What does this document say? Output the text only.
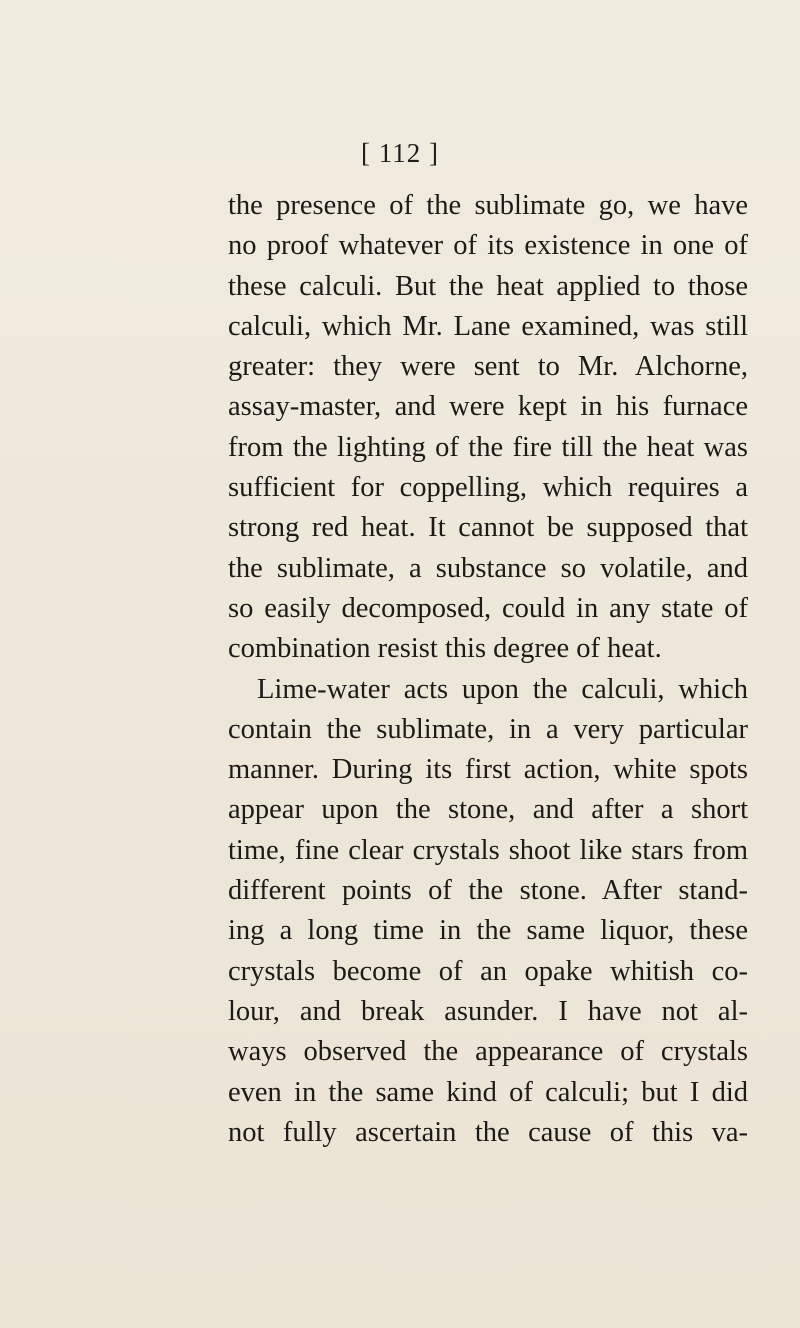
[ 112 ]
the presence of the sublimate go, we have
no proof whatever of its existence in one of
these calculi. But the heat applied to those
calculi, which Mr. Lane examined, was still
greater: they were sent to Mr. Alchorne,
assay-master, and were kept in his furnace
from the lighting of the fire till the heat was
sufficient for coppelling, which requires a
strong red heat. It cannot be supposed that
the sublimate, a substance so volatile, and
so easily decomposed, could in any state of
combination resist this degree of heat.
Lime-water acts upon the calculi, which
contain the sublimate, in a very particular
manner. During its first action, white spots
appear upon the stone, and after a short
time, fine clear crystals shoot like stars from
different points of the stone. After stand-
ing a long time in the same liquor, these
crystals become of an opake whitish co-
lour, and break asunder. I have not al-
ways observed the appearance of crystals
even in the same kind of calculi; but I did
not fully ascertain the cause of this va-
